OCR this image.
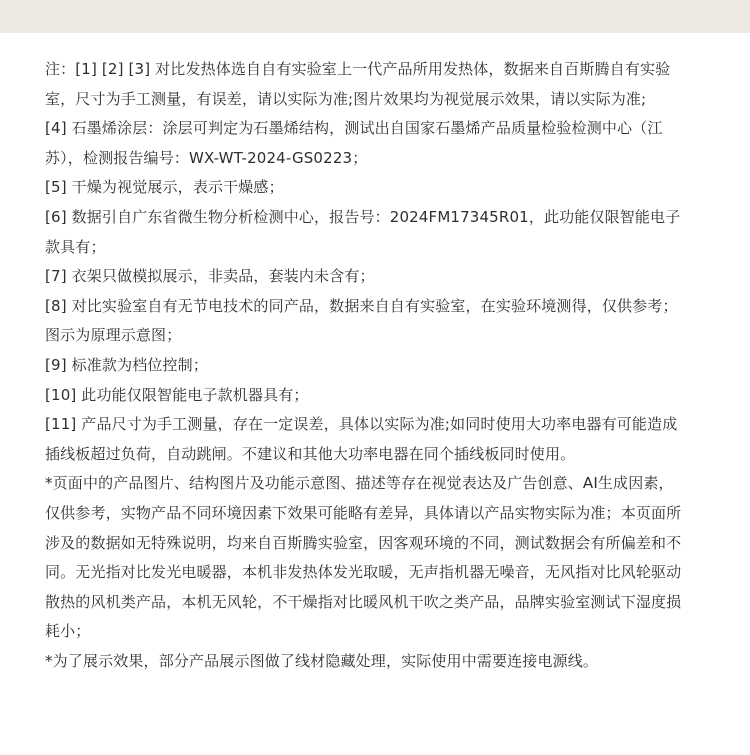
注：[1] [2] [3] 对比发热体选自自有实验室上一代产品所用发热体，数据来自百斯腾自有实验

室，尺寸为手工测量，有误差，请以实际为准;图片效果均为视觉展示效果，请以实际为准;

[4] 石墨烯涂层：涂层可判定为石墨烯结构，测试出自国家石墨烯产品质量检验检测中心（江

苏），检测报告编号：WX-WT-2024-GS0223；

[5] 干燥为视觉展示，表示干燥感；

[6] 数据引自广东省微生物分析检测中心，报告号：2024FM17345R01，此功能仅限智能电子

款具有；

[7] 衣架只做模拟展示，非卖品，套装内未含有；

[8] 对比实验室自有无节电技术的同产品，数据来自自有实验室，在实验环境测得，仅供参考；

图示为原理示意图；

[9] 标准款为档位控制；

[10] 此功能仅限智能电子款机器具有；

[11] 产品尺寸为手工测量，存在一定误差，具体以实际为准;如同时使用大功率电器有可能造成

插线板超过负荷，自动跳闸。不建议和其他大功率电器在同个插线板同时使用。

*页面中的产品图片、结构图片及功能示意图、描述等存在视觉表达及广告创意、AI生成因素，

仅供参考，实物产品不同环境因素下效果可能略有差异，具体请以产品实物实际为准；本页面所

涉及的数据如无特殊说明，均来自百斯腾实验室，因客观环境的不同，测试数据会有所偏差和不

同。无光指对比发光电暖器，本机非发热体发光取暖，无声指机器无噪音，无风指对比风轮驱动

散热的风机类产品，本机无风轮，不干燥指对比暖风机干吹之类产品，品牌实验室测试下湿度损

耗小；

*为了展示效果，部分产品展示图做了线材隐藏处理，实际使用中需要连接电源线。
